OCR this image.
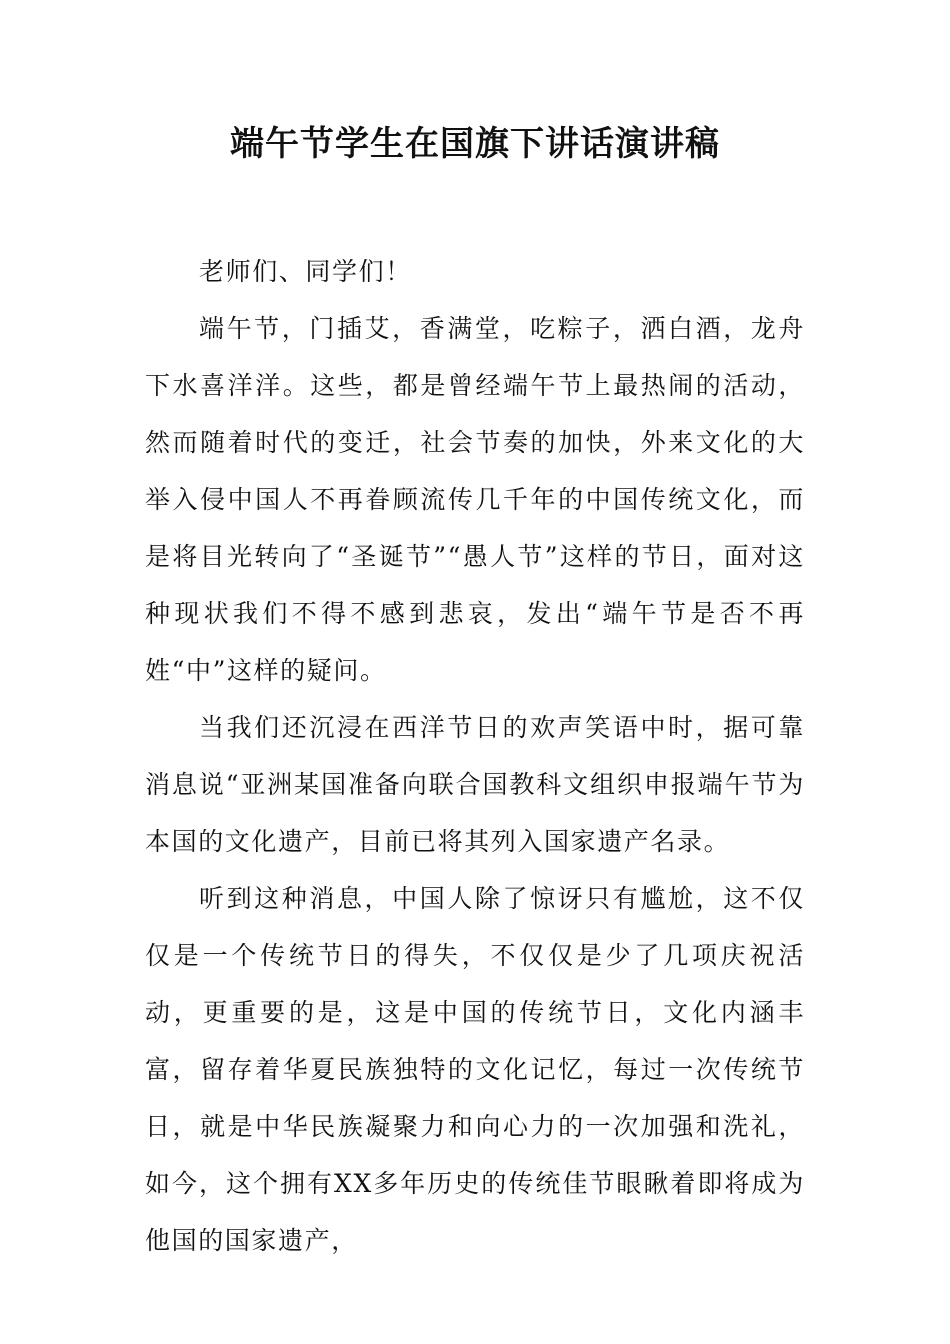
端午节学生在国旗下讲话演讲稿

老师们、同学们！

端午节，门插艾，香满堂，吃粽子，洒白酒，龙舟下水喜洋洋。这些，都是曾经端午节上最热闹的活动，然而随着时代的变迁，社会节奏的加快，外来文化的大举入侵中国人不再眷顾流传几千年的中国传统文化，而是将目光转向了“圣诞节”“愚人节”这样的节日，面对这种现状我们不得不感到悲哀，发出“端午节是否不再姓“中”这样的疑问。

当我们还沉浸在西洋节日的欢声笑语中时，据可靠消息说“亚洲某国准备向联合国教科文组织申报端午节为本国的文化遗产，目前已将其列入国家遗产名录。

听到这种消息，中国人除了惊讶只有尴尬，这不仅仅是一个传统节日的得失，不仅仅是少了几项庆祝活动，更重要的是，这是中国的传统节日，文化内涵丰富，留存着华夏民族独特的文化记忆，每过一次传统节日，就是中华民族凝聚力和向心力的一次加强和洗礼，如今，这个拥有XX多年历史的传统佳节眼瞅着即将成为他国的国家遗产，
